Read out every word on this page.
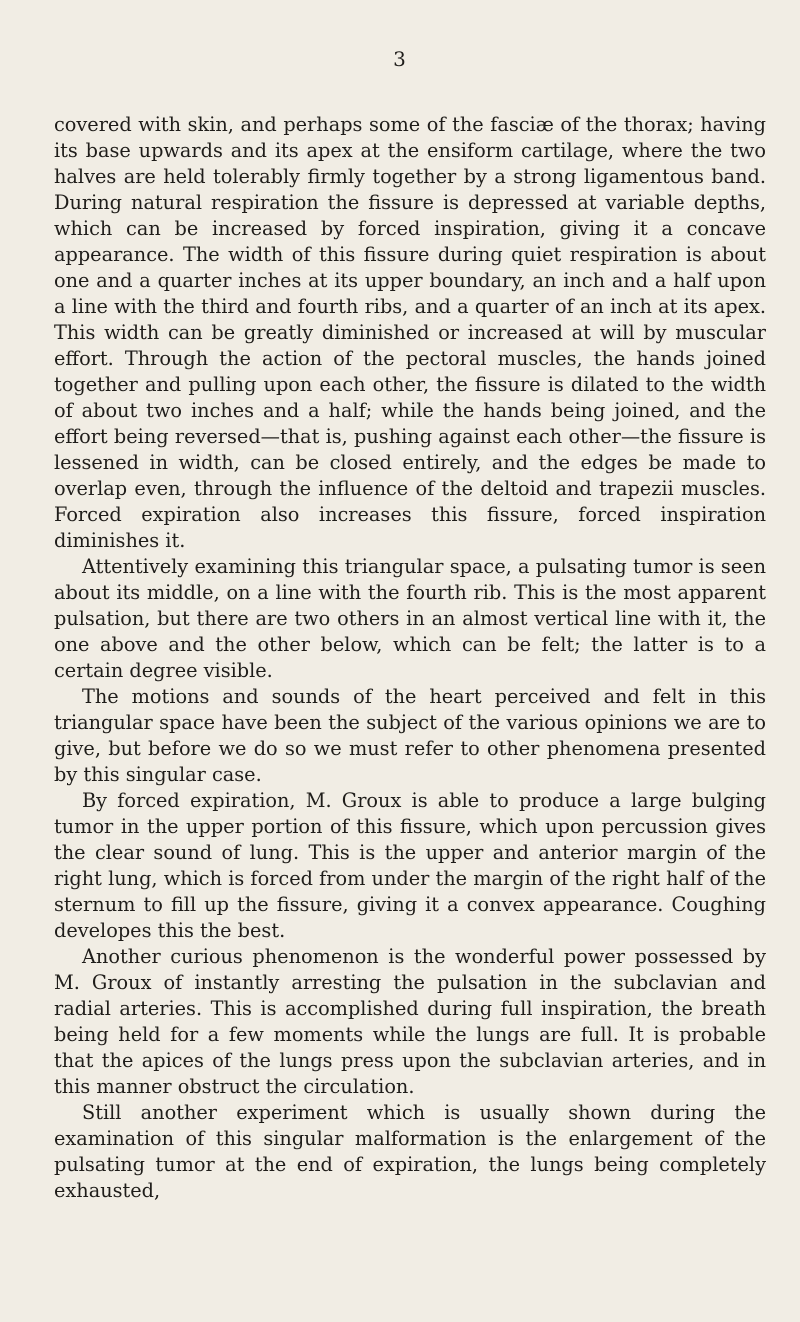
3

covered with skin, and perhaps some of the fasciæ of the thorax; having its base upwards and its apex at the ensiform cartilage, where the two halves are held tolerably firmly together by a strong ligamentous band. During natural respiration the fissure is depressed at variable depths, which can be increased by forced inspiration, giving it a concave appearance. The width of this fissure during quiet respiration is about one and a quarter inches at its upper boundary, an inch and a half upon a line with the third and fourth ribs, and a quarter of an inch at its apex. This width can be greatly diminished or increased at will by muscular effort. Through the action of the pectoral muscles, the hands joined together and pulling upon each other, the fissure is dilated to the width of about two inches and a half; while the hands being joined, and the effort being reversed—that is, pushing against each other—the fissure is lessened in width, can be closed entirely, and the edges be made to overlap even, through the influence of the deltoid and trapezii muscles. Forced expiration also increases this fissure, forced inspiration diminishes it.

Attentively examining this triangular space, a pulsating tumor is seen about its middle, on a line with the fourth rib. This is the most apparent pulsation, but there are two others in an almost vertical line with it, the one above and the other below, which can be felt; the latter is to a certain degree visible.

The motions and sounds of the heart perceived and felt in this triangular space have been the subject of the various opinions we are to give, but before we do so we must refer to other phenomena presented by this singular case.

By forced expiration, M. Groux is able to produce a large bulging tumor in the upper portion of this fissure, which upon percussion gives the clear sound of lung. This is the upper and anterior margin of the right lung, which is forced from under the margin of the right half of the sternum to fill up the fissure, giving it a convex appearance. Coughing developes this the best.

Another curious phenomenon is the wonderful power possessed by M. Groux of instantly arresting the pulsation in the subclavian and radial arteries. This is accomplished during full inspiration, the breath being held for a few moments while the lungs are full. It is probable that the apices of the lungs press upon the subclavian arteries, and in this manner obstruct the circulation.

Still another experiment which is usually shown during the examination of this singular malformation is the enlargement of the pulsating tumor at the end of expiration, the lungs being completely exhausted,
